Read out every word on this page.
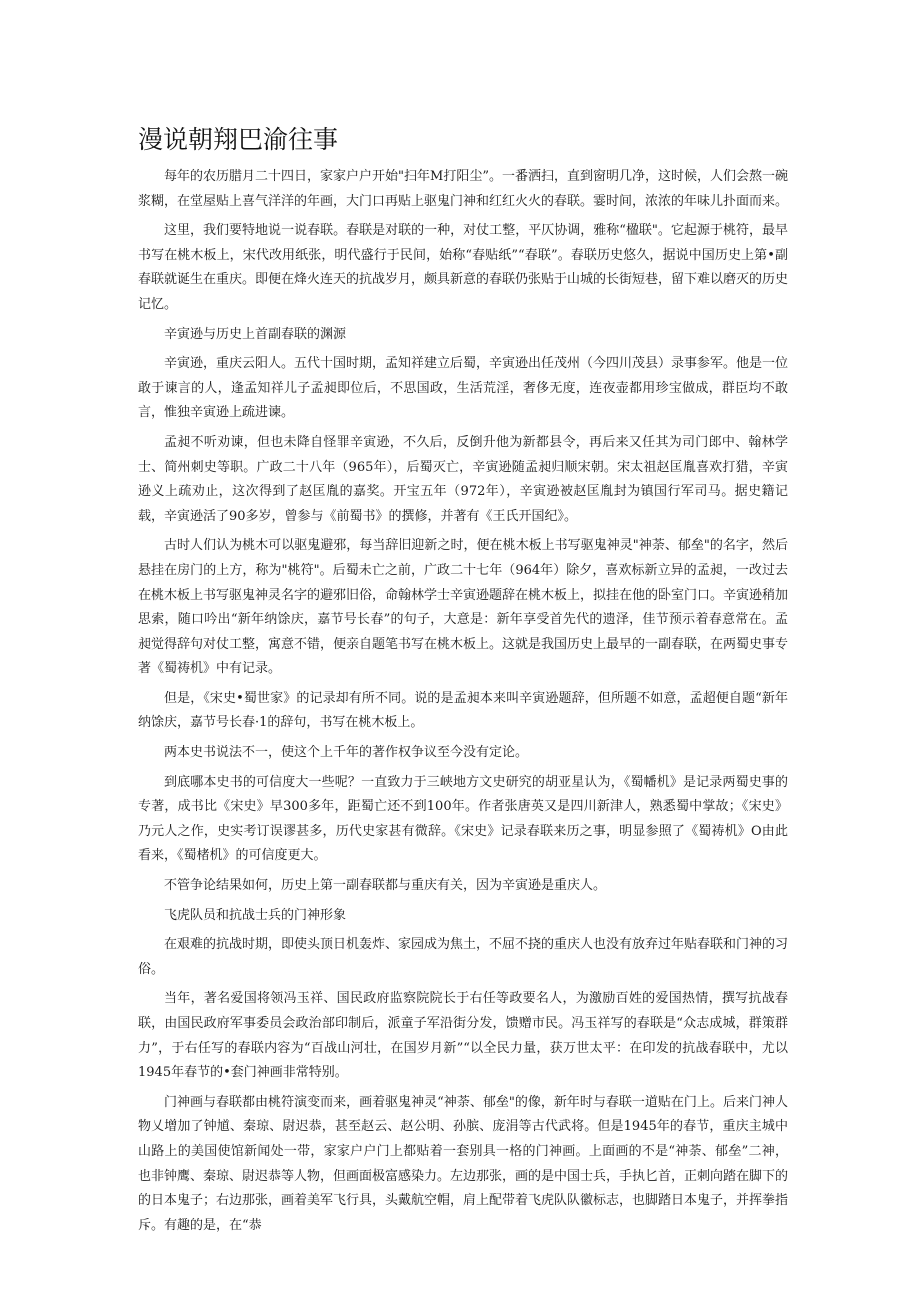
漫说朝翔巴渝往事

每年的农历腊月二十四日，家家户户开始"扫年M打阳尘”。一番洒扫，直到窗明几净，这时候，人们会熬一碗浆糊，在堂屋贴上喜气洋洋的年画，大门口再贴上驱鬼门神和红红火火的春联。霎时间，浓浓的年味儿扑面而来。

这里，我们要特地说一说春联。春联是对联的一种，对仗工整，平仄协调，雅称“楹联"。它起源于桃符，最早书写在桃木板上，宋代改用纸张，明代盛行于民间，始称“春贴纸”“春联”。春联历史悠久，据说中国历史上第•副春联就诞生在重庆。即便在烽火连天的抗战岁月，颇具新意的春联仍张贴于山城的长街短巷，留下难以磨灭的历史记忆。

辛寅逊与历史上首副春联的渊源

辛寅逊，重庆云阳人。五代十国时期，孟知祥建立后蜀，辛寅逊出任茂州（今四川茂县）录事参军。他是一位敢于谏言的人，逢孟知祥儿子孟昶即位后，不思国政，生活荒淫，奢侈无度，连夜壶都用珍宝做成，群臣均不敢言，惟独辛寅逊上疏进谏。

孟昶不听劝谏，但也未降自怪罪辛寅逊，不久后，反倒升他为新都县令，再后来又任其为司门郎中、翰林学士、简州刺史等职。广政二十八年（965年），后蜀灭亡，辛寅逊随孟昶归顺宋朝。宋太祖赵匡胤喜欢打猎，辛寅逊义上疏劝止，这次得到了赵匡胤的嘉奖。开宝五年（972年），辛寅逊被赵匡胤封为镇国行军司马。据史籍记载，辛寅逊活了90多岁，曾参与《前蜀书》的撰修，并著有《王氏开国纪》。

古时人们认为桃木可以驱鬼避邪，每当辞旧迎新之时，便在桃木板上书写驱鬼神灵"神荼、郁垒"的名字，然后悬挂在房门的上方，称为"桃符"。后蜀未亡之前，广政二十七年（964年）除夕，喜欢标新立异的孟昶，一改过去在桃木板上书写驱鬼神灵名字的避邪旧俗，命翰林学士辛寅逊题辞在桃木板上，拟挂在他的卧室门口。辛寅逊稍加思索，随口吟出“新年纳馀庆，嘉节号长春”的句子，大意是：新年享受首先代的遗泽，佳节预示着春意常在。孟昶觉得辞句对仗工整，寓意不错，便亲自题笔书写在桃木板上。这就是我国历史上最早的一副春联，在两蜀史事专著《蜀祷机》中有记录。

但是，《宋史•蜀世家》的记录却有所不同。说的是孟昶本来叫辛寅逊题辞，但所题不如意，孟超便自题“新年纳馀庆，嘉节号长春·1的辞句，书写在桃木板上。

两本史书说法不一，使这个上千年的著作权争议至今没有定论。

到底哪本史书的可信度大一些呢？一直致力于三峡地方文史研究的胡亚星认为，《蜀幡机》是记录两蜀史事的专著，成书比《宋史》早300多年，距蜀亡还不到100年。作者张唐英又是四川新津人，熟悉蜀中掌故；《宋史》乃元人之作，史实考订误谬甚多，历代史家甚有微辞。《宋史》记录春联来历之事，明显参照了《蜀祷机》O由此看来，《蜀楮机》的可信度更大。

不管争论结果如何，历史上第一副春联都与重庆有关，因为辛寅逊是重庆人。

飞虎队员和抗战士兵的门神形象

在艰难的抗战时期，即使头顶日机轰炸、家园成为焦土，不屈不挠的重庆人也没有放弃过年贴春联和门神的习俗。

当年，著名爱国将领冯玉祥、国民政府监察院院长于右任等政要名人，为激励百姓的爱国热情，撰写抗战春联，由国民政府军事委员会政治部印制后，派童子军沿街分发，馈赠市民。冯玉祥写的春联是“众志成城，群策群力”，于右任写的春联内容为“百战山河壮，在国岁月新”“以全民力量，获万世太平：在印发的抗战春联中，尤以1945年春节的•套门神画非常特别。

门神画与春联都由桃符演变而来，画着驱鬼神灵“神荼、郁垒"的像，新年时与春联一道贴在门上。后来门神人物乂增加了钟馗、秦琼、尉迟恭，甚至赵云、赵公明、孙膑、庞涓等古代武将。但是1945年的春节，重庆主城中山路上的美国使馆新闻处一带，家家户户门上都贴着一套别具一格的门神画。上面画的不是“神荼、郁垒”二神，也非钟鹰、秦琼、尉迟恭等人物，但画面极富感染力。左边那张，画的是中国士兵，手执匕首，正刺向踏在脚下的的日本鬼子；右边那张，画着美军飞行具，头戴航空帽，肩上配带着飞虎队队徽标志，也脚踏日本鬼子，并挥拳指斥。有趣的是，在“恭
